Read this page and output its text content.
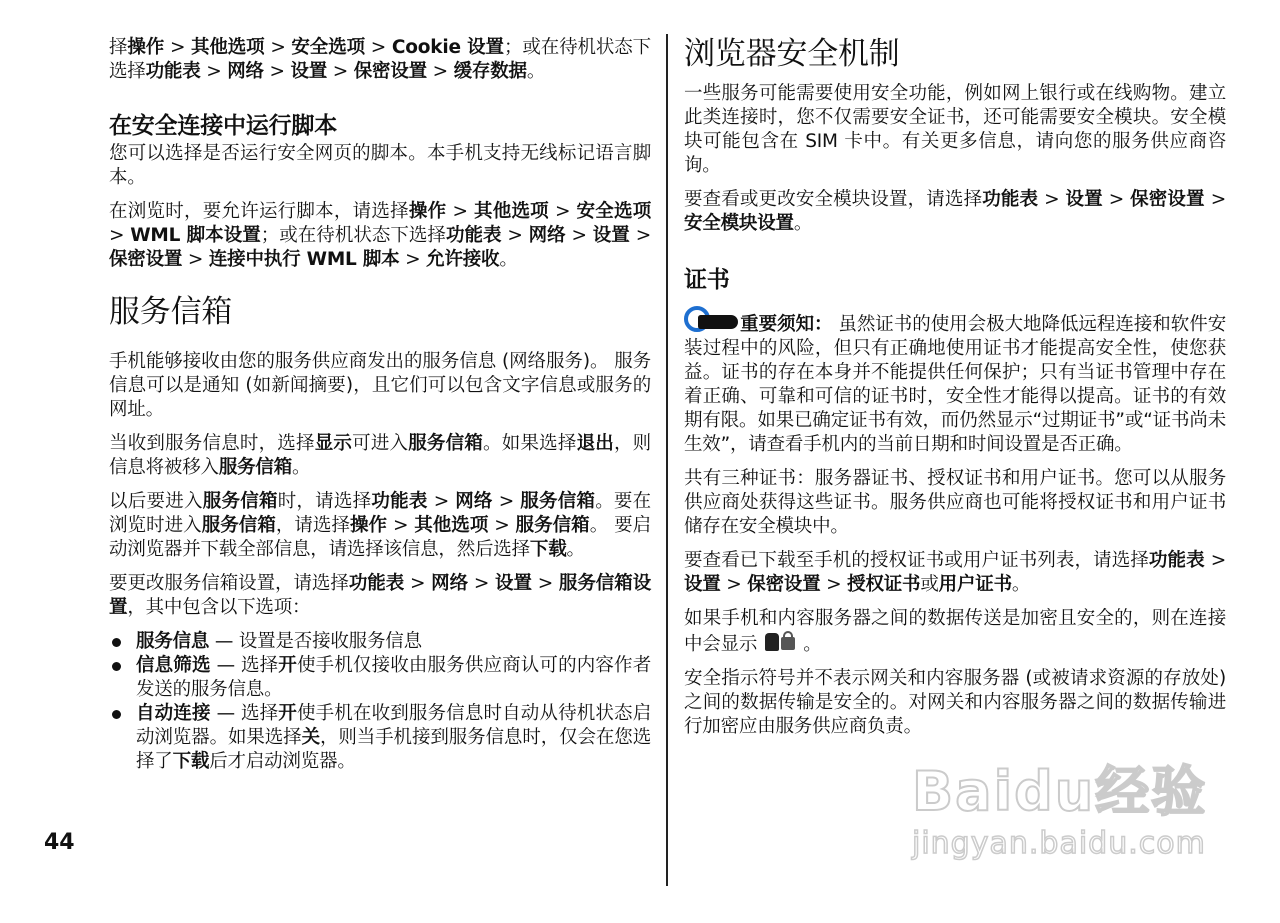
择操作 > 其他选项 > 安全选项 > Cookie 设置；或在待机状态下选择功能表 > 网络 > 设置 > 保密设置 > 缓存数据。

在安全连接中运行脚本

您可以选择是否运行安全网页的脚本。本手机支持无线标记语言脚本。

在浏览时，要允许运行脚本，请选择操作 > 其他选项 > 安全选项 > WML 脚本设置；或在待机状态下选择功能表 > 网络 > 设置 > 保密设置 > 连接中执行 WML 脚本 > 允许接收。

服务信箱

手机能够接收由您的服务供应商发出的服务信息 (网络服务)。 服务信息可以是通知 (如新闻摘要)，且它们可以包含文字信息或服务的网址。

当收到服务信息时，选择显示可进入服务信箱。如果选择退出，则信息将被移入服务信箱。

以后要进入服务信箱时，请选择功能表 > 网络 > 服务信箱。要在浏览时进入服务信箱，请选择操作 > 其他选项 > 服务信箱。 要启动浏览器并下载全部信息，请选择该信息，然后选择下载。

要更改服务信箱设置，请选择功能表 > 网络 > 设置 > 服务信箱设置，其中包含以下选项：

服务信息 — 设置是否接收服务信息
信息筛选 — 选择开使手机仅接收由服务供应商认可的内容作者发送的服务信息。
自动连接 — 选择开使手机在收到服务信息时自动从待机状态启动浏览器。如果选择关，则当手机接到服务信息时，仅会在您选择了下载后才启动浏览器。
浏览器安全机制

一些服务可能需要使用安全功能，例如网上银行或在线购物。建立此类连接时，您不仅需要安全证书，还可能需要安全模块。安全模块可能包含在 SIM 卡中。有关更多信息，请向您的服务供应商咨询。

要查看或更改安全模块设置，请选择功能表 > 设置 > 保密设置 > 安全模块设置。

证书

重要须知： 虽然证书的使用会极大地降低远程连接和软件安装过程中的风险，但只有正确地使用证书才能提高安全性，使您获益。证书的存在本身并不能提供任何保护；只有当证书管理中存在着正确、可靠和可信的证书时，安全性才能得以提高。证书的有效期有限。如果已确定证书有效，而仍然显示“过期证书”或“证书尚未生效”，请查看手机内的当前日期和时间设置是否正确。

共有三种证书：服务器证书、授权证书和用户证书。您可以从服务供应商处获得这些证书。服务供应商也可能将授权证书和用户证书储存在安全模块中。

要查看已下载至手机的授权证书或用户证书列表，请选择功能表 > 设置 > 保密设置 > 授权证书或用户证书。

如果手机和内容服务器之间的数据传送是加密且安全的，则在连接中会显示 。

安全指示符号并不表示网关和内容服务器 (或被请求资源的存放处) 之间的数据传输是安全的。对网关和内容服务器之间的数据传输进行加密应由服务供应商负责。

44
Baidu经验
jingyan.baidu.com
